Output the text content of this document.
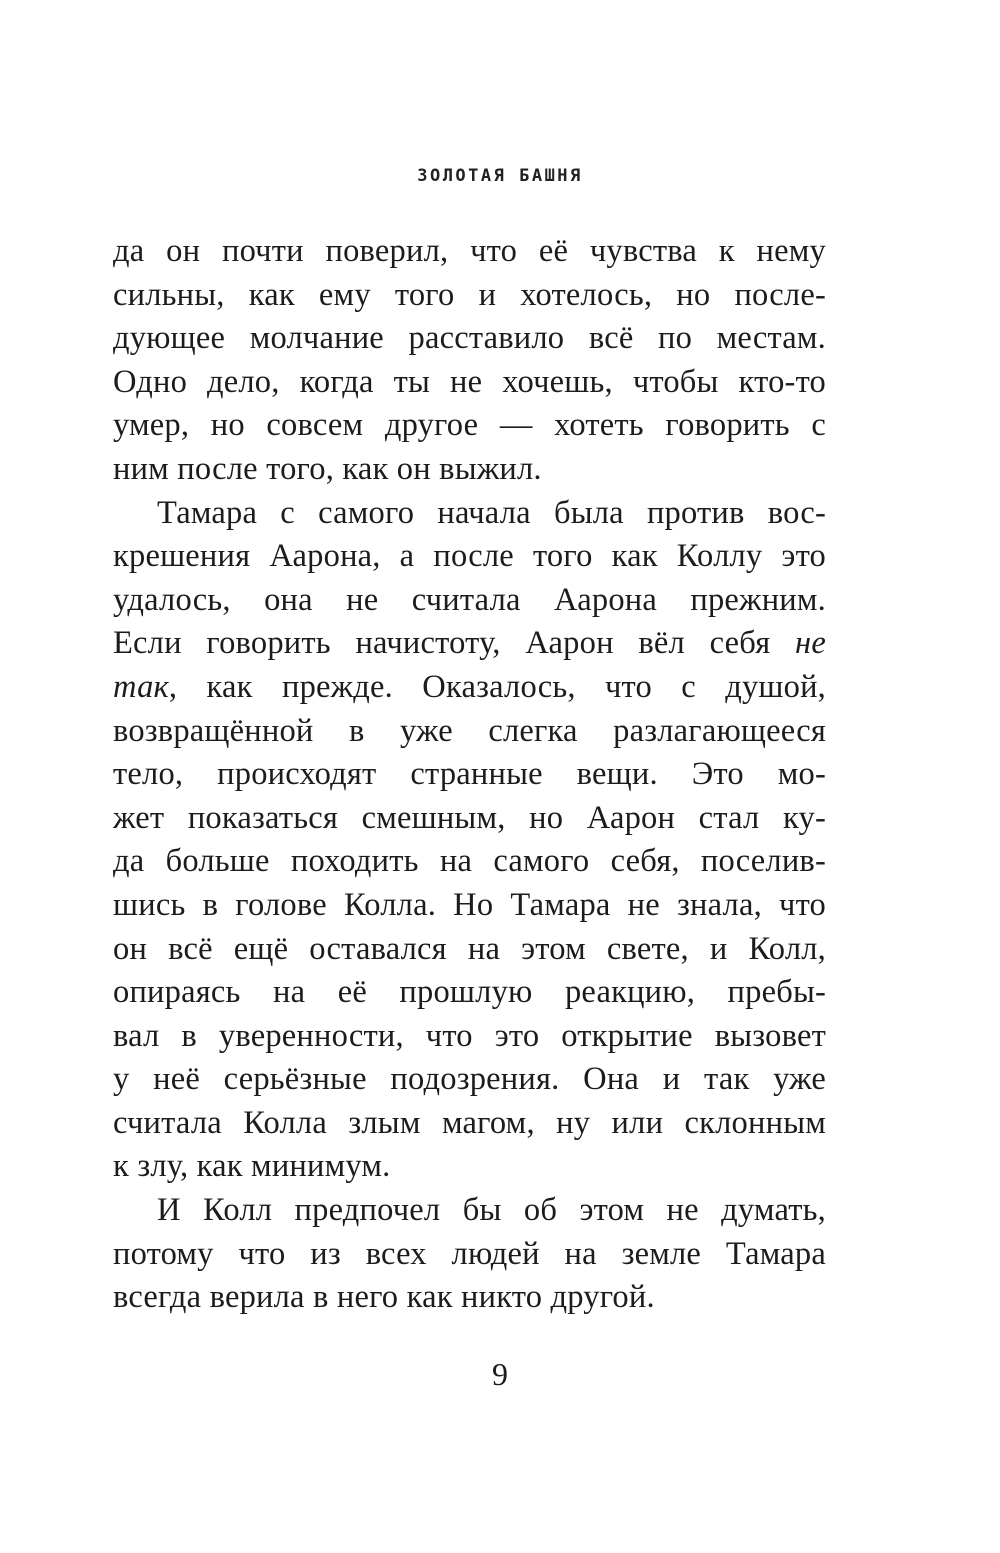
ЗОЛОТАЯ БАШНЯ
да он почти поверил, что её чувства к нему
сильны, как ему того и хотелось, но после-
дующее молчание расставило всё по местам.
Одно дело, когда ты не хочешь, чтобы кто-то
умер, но совсем другое — хотеть говорить с
ним после того, как он выжил.
Тамара с самого начала была против вос-
крешения Аарона, а после того как Коллу это
удалось, она не считала Аарона прежним.
Если говорить начистоту, Аарон вёл себя не
так, как прежде. Оказалось, что с душой,
возвращённой в уже слегка разлагающееся
тело, происходят странные вещи. Это мо-
жет показаться смешным, но Аарон стал ку-
да больше походить на самого себя, поселив-
шись в голове Колла. Но Тамара не знала, что
он всё ещё оставался на этом свете, и Колл,
опираясь на её прошлую реакцию, пребы-
вал в уверенности, что это открытие вызовет
у неё серьёзные подозрения. Она и так уже
считала Колла злым магом, ну или склонным
к злу, как минимум.
И Колл предпочел бы об этом не думать,
потому что из всех людей на земле Тамара
всегда верила в него как никто другой.
9
